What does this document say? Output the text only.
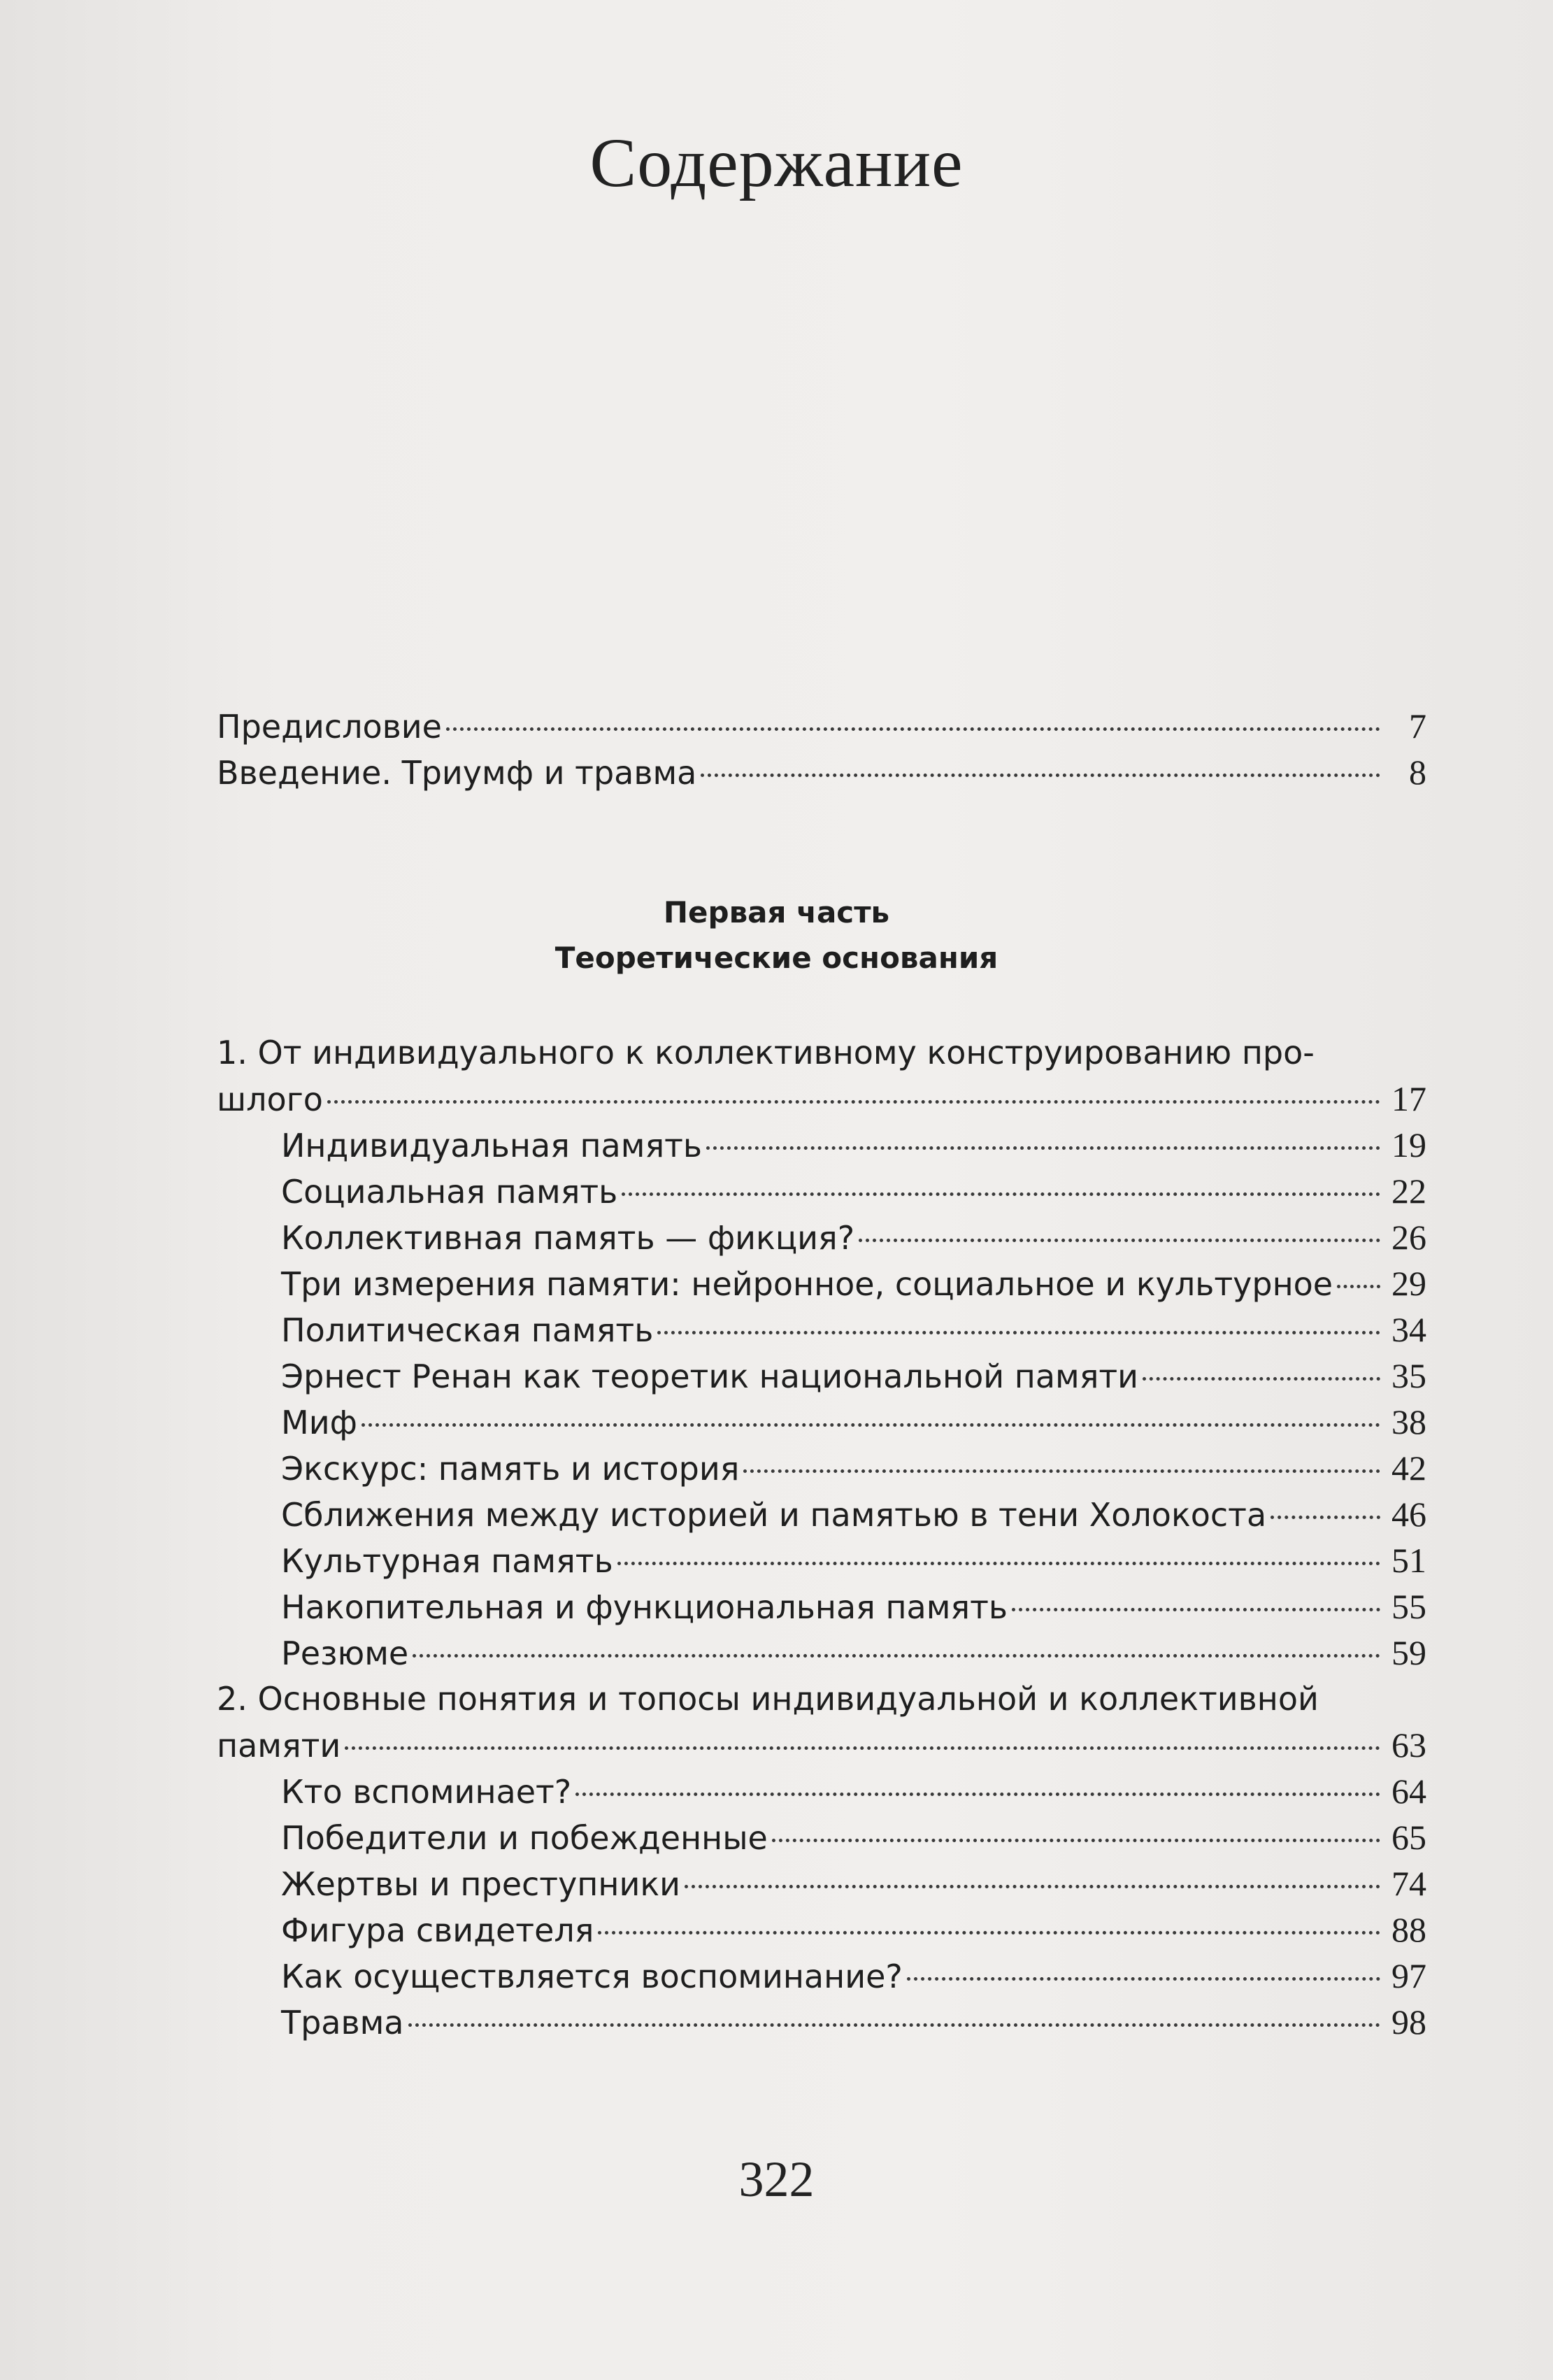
Содержание
Предисловие	7
Введение. Триумф и травма	8
Первая часть
Теоретические основания
1. От индивидуального к коллективному конструированию про-
шлого	17
Индивидуальная память	19
Социальная память	22
Коллективная память — фикция?	26
Три измерения памяти: нейронное, социальное и культурное 29
Политическая память	34
Эрнест Ренан как теоретик национальной памяти	35
Миф	38
Экскурс: память и история	42
Сближения между историей и памятью в тени Холокоста	46
Культурная память	51
Накопительная и функциональная память	55
Резюме	59
2. Основные понятия и топосы индивидуальной и коллективной
памяти	63
Кто вспоминает?	64
Победители и побежденные	65
Жертвы и преступники	74
Фигура свидетеля	88
Как осуществляется воспоминание?	97
Травма	98
322
